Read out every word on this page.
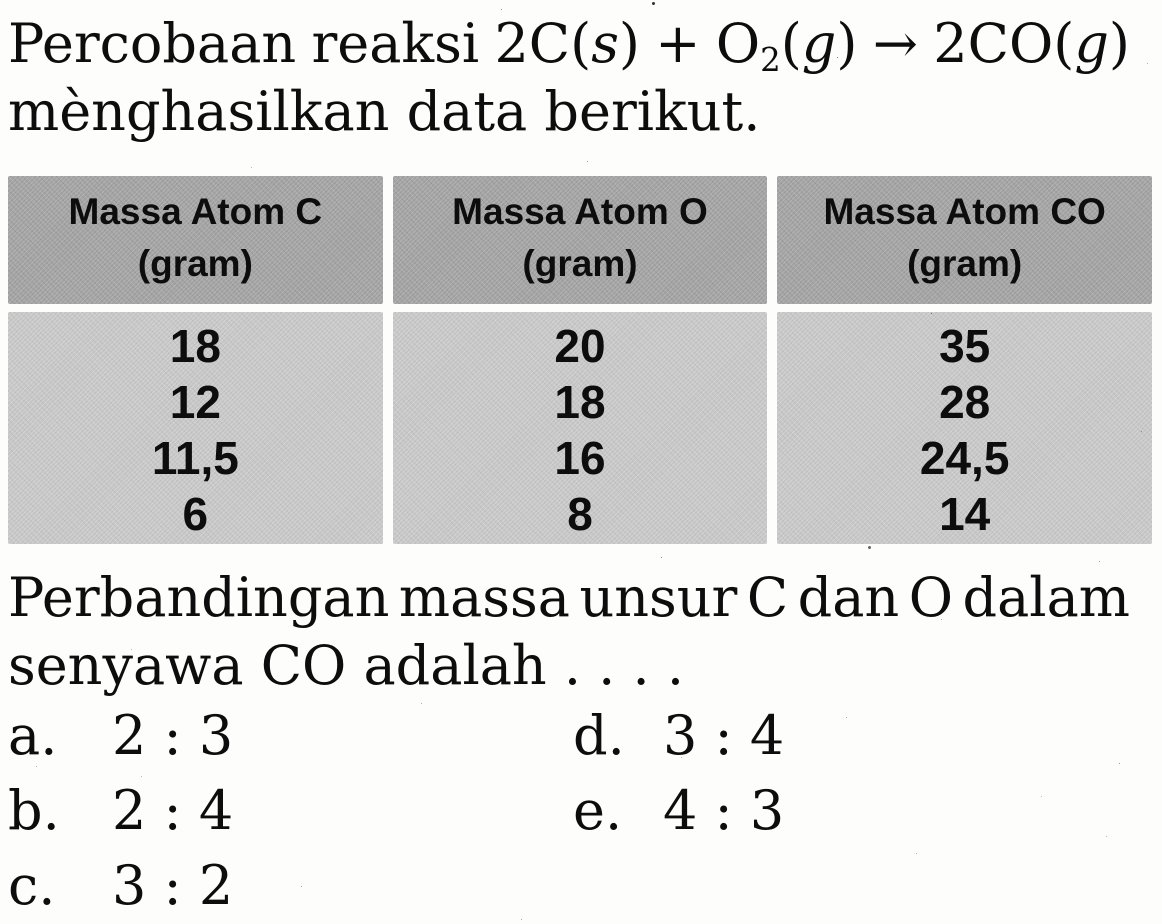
Percobaan reaksi $2C(s) + O_2(g) \to 2CO(g)$
mènghasilkan data berikut.
Massa Atom C
(gram)
Massa Atom O
(gram)
Massa Atom CO
(gram)
18
12
11,5
6
20
18
16
8
35
28
24,5
14
Perbandingan massa unsur C dan O dalam
senyawa CO adalah . . . .
a.	2 : 3
b. 2 : 4
c.	3 : 2
d. 3 : 4
e. 4 : 3
